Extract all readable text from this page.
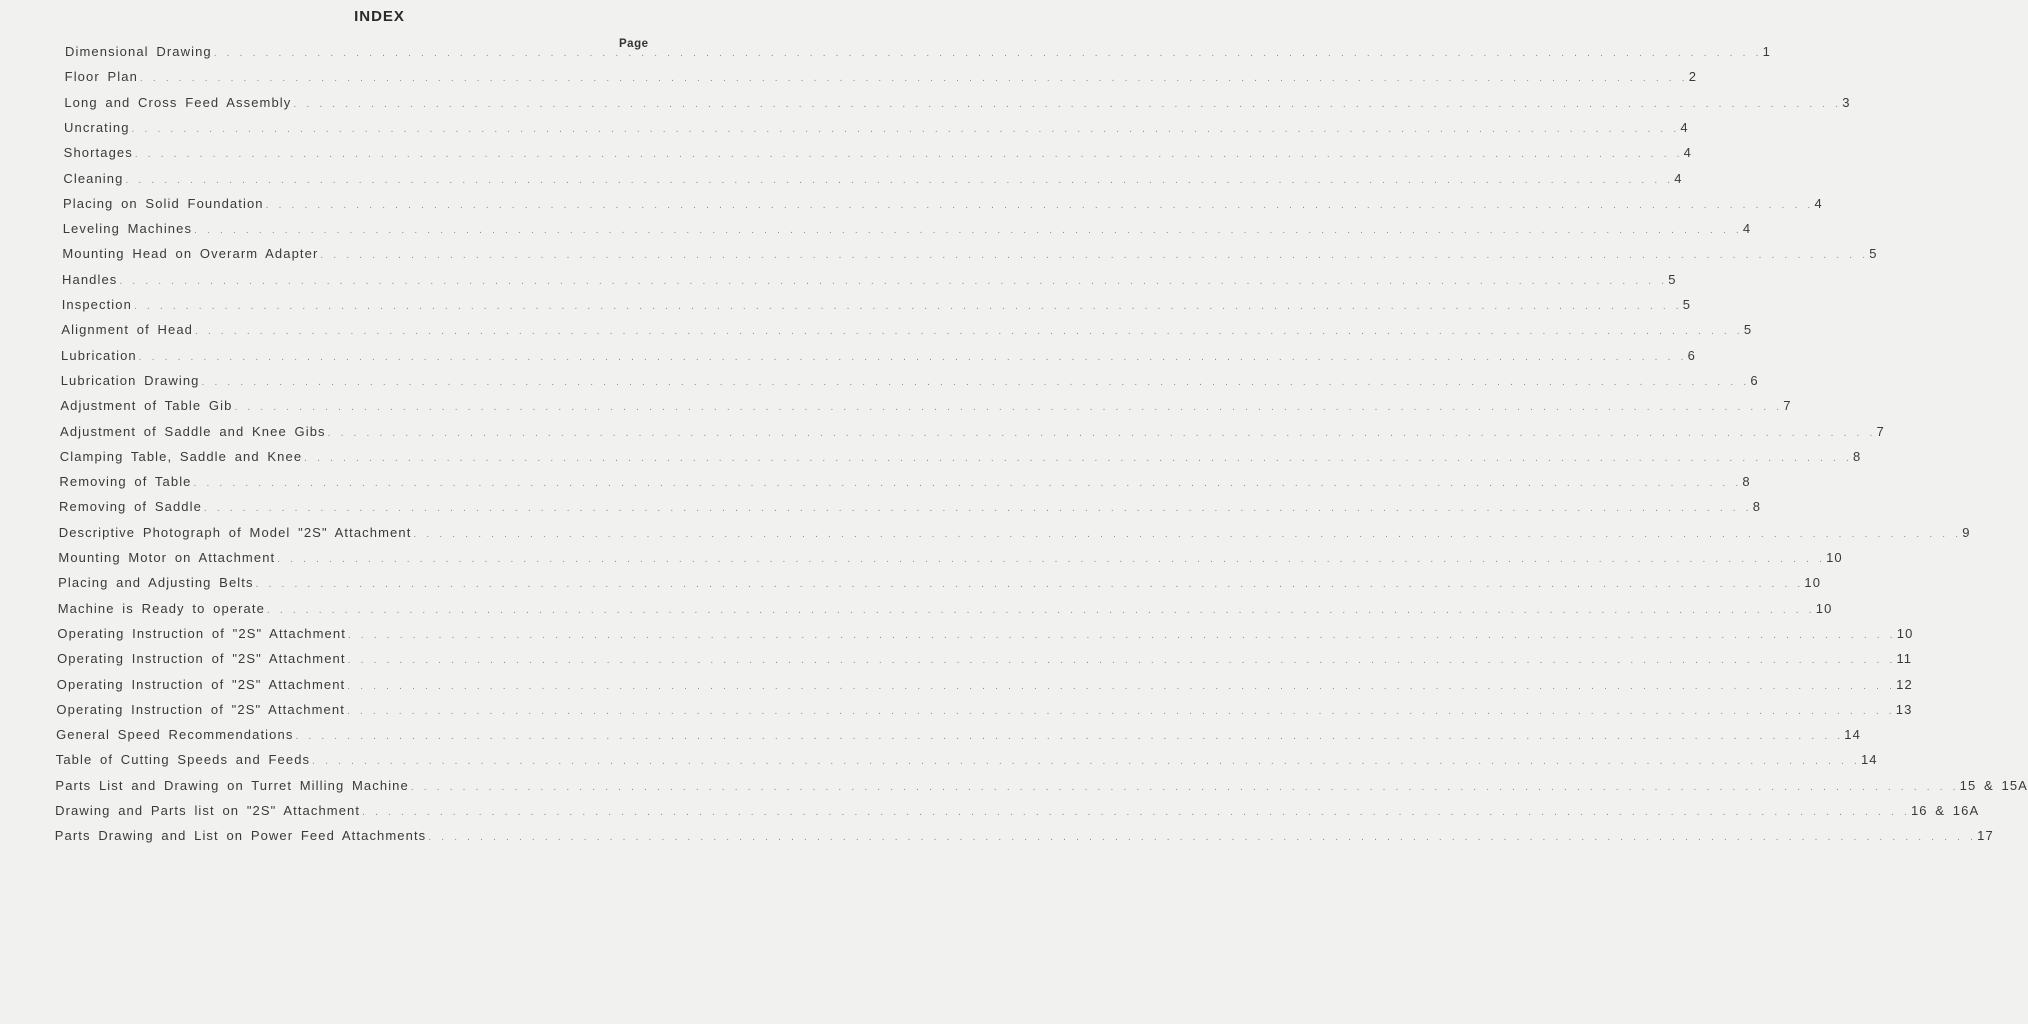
INDEX
Page
Dimensional Drawing . . . . . . . . . . . . . . . . . . . . . . . . . . . . . . . . . . . . . . . . . . . . . . . . . . . . . . . . . . . . . . . . . . . . . . . . . . . . . . . . . . . . . . . . . . . . . . . . . . . . . . . . . . . . . . . . . . . . . . . . 1
Floor Plan . . . . . . . . . . . . . . . . . . . . . . . . . . . . . . . . . . . . . . . . . . . . . . . . . . . . . . . . . . . . . . . . . . . . . . . . . . . . . . . . . . . . . . . . . . . . . . . . . . . . . . . . . . . . . . . . . . . . . . . . 2
Long and Cross Feed Assembly . . . . . . . . . . . . . . . . . . . . . . . . . . . . . . . . . . . . . . . . . . . . . . . . . . . . . . . . . . . . . . . . . . . . . . . . . . . . . . . . . . . . . . . . . . . . . . . . . . . . . . . . . . . . . . . . . . . . . . . . 3
Uncrating . . . . . . . . . . . . . . . . . . . . . . . . . . . . . . . . . . . . . . . . . . . . . . . . . . . . . . . . . . . . . . . . . . . . . . . . . . . . . . . . . . . . . . . . . . . . . . . . . . . . . . . . . . . . . . . . . . . . . . . . 4
Shortages . . . . . . . . . . . . . . . . . . . . . . . . . . . . . . . . . . . . . . . . . . . . . . . . . . . . . . . . . . . . . . . . . . . . . . . . . . . . . . . . . . . . . . . . . . . . . . . . . . . . . . . . . . . . . . . . . . . . . . . . 4
Cleaning . . . . . . . . . . . . . . . . . . . . . . . . . . . . . . . . . . . . . . . . . . . . . . . . . . . . . . . . . . . . . . . . . . . . . . . . . . . . . . . . . . . . . . . . . . . . . . . . . . . . . . . . . . . . . . . . . . . . . . . . 4
Placing on Solid Foundation . . . . . . . . . . . . . . . . . . . . . . . . . . . . . . . . . . . . . . . . . . . . . . . . . . . . . . . . . . . . . . . . . . . . . . . . . . . . . . . . . . . . . . . . . . . . . . . . . . . . . . . . . . . . . . . . . . . . . . . . 4
Leveling Machines . . . . . . . . . . . . . . . . . . . . . . . . . . . . . . . . . . . . . . . . . . . . . . . . . . . . . . . . . . . . . . . . . . . . . . . . . . . . . . . . . . . . . . . . . . . . . . . . . . . . . . . . . . . . . . . . . . . . . . . . 4
Mounting Head on Overarm Adapter . . . . . . . . . . . . . . . . . . . . . . . . . . . . . . . . . . . . . . . . . . . . . . . . . . . . . . . . . . . . . . . . . . . . . . . . . . . . . . . . . . . . . . . . . . . . . . . . . . . . . . . . . . . . . . . . . . . . . . . . 5
Handles . . . . . . . . . . . . . . . . . . . . . . . . . . . . . . . . . . . . . . . . . . . . . . . . . . . . . . . . . . . . . . . . . . . . . . . . . . . . . . . . . . . . . . . . . . . . . . . . . . . . . . . . . . . . . . . . . . . . . . . . 5
Inspection . . . . . . . . . . . . . . . . . . . . . . . . . . . . . . . . . . . . . . . . . . . . . . . . . . . . . . . . . . . . . . . . . . . . . . . . . . . . . . . . . . . . . . . . . . . . . . . . . . . . . . . . . . . . . . . . . . . . . . . . 5
Alignment of Head . . . . . . . . . . . . . . . . . . . . . . . . . . . . . . . . . . . . . . . . . . . . . . . . . . . . . . . . . . . . . . . . . . . . . . . . . . . . . . . . . . . . . . . . . . . . . . . . . . . . . . . . . . . . . . . . . . . . . . . . 5
Lubrication . . . . . . . . . . . . . . . . . . . . . . . . . . . . . . . . . . . . . . . . . . . . . . . . . . . . . . . . . . . . . . . . . . . . . . . . . . . . . . . . . . . . . . . . . . . . . . . . . . . . . . . . . . . . . . . . . . . . . . . . 6
Lubrication Drawing . . . . . . . . . . . . . . . . . . . . . . . . . . . . . . . . . . . . . . . . . . . . . . . . . . . . . . . . . . . . . . . . . . . . . . . . . . . . . . . . . . . . . . . . . . . . . . . . . . . . . . . . . . . . . . . . . . . . . . . . 6
Adjustment of Table Gib . . . . . . . . . . . . . . . . . . . . . . . . . . . . . . . . . . . . . . . . . . . . . . . . . . . . . . . . . . . . . . . . . . . . . . . . . . . . . . . . . . . . . . . . . . . . . . . . . . . . . . . . . . . . . . . . . . . . . . . . 7
Adjustment of Saddle and Knee Gibs . . . . . . . . . . . . . . . . . . . . . . . . . . . . . . . . . . . . . . . . . . . . . . . . . . . . . . . . . . . . . . . . . . . . . . . . . . . . . . . . . . . . . . . . . . . . . . . . . . . . . . . . . . . . . . . . . . . . . . . . 7
Clamping Table, Saddle and Knee . . . . . . . . . . . . . . . . . . . . . . . . . . . . . . . . . . . . . . . . . . . . . . . . . . . . . . . . . . . . . . . . . . . . . . . . . . . . . . . . . . . . . . . . . . . . . . . . . . . . . . . . . . . . . . . . . . . . . . . . 8
Removing of Table . . . . . . . . . . . . . . . . . . . . . . . . . . . . . . . . . . . . . . . . . . . . . . . . . . . . . . . . . . . . . . . . . . . . . . . . . . . . . . . . . . . . . . . . . . . . . . . . . . . . . . . . . . . . . . . . . . . . . . . . 8
Removing of Saddle . . . . . . . . . . . . . . . . . . . . . . . . . . . . . . . . . . . . . . . . . . . . . . . . . . . . . . . . . . . . . . . . . . . . . . . . . . . . . . . . . . . . . . . . . . . . . . . . . . . . . . . . . . . . . . . . . . . . . . . . 8
Descriptive Photograph of Model "2S" Attachment . . . . . . . . . . . . . . . . . . . . . . . . . . . . . . . . . . . . . . . . . . . . . . . . . . . . . . . . . . . . . . . . . . . . . . . . . . . . . . . . . . . . . . . . . . . . . . . . . . . . . . . . . . . . . . . . . . . . . . . . 9
Mounting Motor on Attachment . . . . . . . . . . . . . . . . . . . . . . . . . . . . . . . . . . . . . . . . . . . . . . . . . . . . . . . . . . . . . . . . . . . . . . . . . . . . . . . . . . . . . . . . . . . . . . . . . . . . . . . . . . . . . . . . . . . . . . . . 10
Placing and Adjusting Belts . . . . . . . . . . . . . . . . . . . . . . . . . . . . . . . . . . . . . . . . . . . . . . . . . . . . . . . . . . . . . . . . . . . . . . . . . . . . . . . . . . . . . . . . . . . . . . . . . . . . . . . . . . . . . . . . . . . . . . . . 10
Machine is Ready to operate . . . . . . . . . . . . . . . . . . . . . . . . . . . . . . . . . . . . . . . . . . . . . . . . . . . . . . . . . . . . . . . . . . . . . . . . . . . . . . . . . . . . . . . . . . . . . . . . . . . . . . . . . . . . . . . . . . . . . . . . 10
Operating Instruction of "2S" Attachment . . . . . . . . . . . . . . . . . . . . . . . . . . . . . . . . . . . . . . . . . . . . . . . . . . . . . . . . . . . . . . . . . . . . . . . . . . . . . . . . . . . . . . . . . . . . . . . . . . . . . . . . . . . . . . . . . . . . . . . . 10
Operating Instruction of "2S" Attachment . . . . . . . . . . . . . . . . . . . . . . . . . . . . . . . . . . . . . . . . . . . . . . . . . . . . . . . . . . . . . . . . . . . . . . . . . . . . . . . . . . . . . . . . . . . . . . . . . . . . . . . . . . . . . . . . . . . . . . . . 11
Operating Instruction of "2S" Attachment . . . . . . . . . . . . . . . . . . . . . . . . . . . . . . . . . . . . . . . . . . . . . . . . . . . . . . . . . . . . . . . . . . . . . . . . . . . . . . . . . . . . . . . . . . . . . . . . . . . . . . . . . . . . . . . . . . . . . . . . 12
Operating Instruction of "2S" Attachment . . . . . . . . . . . . . . . . . . . . . . . . . . . . . . . . . . . . . . . . . . . . . . . . . . . . . . . . . . . . . . . . . . . . . . . . . . . . . . . . . . . . . . . . . . . . . . . . . . . . . . . . . . . . . . . . . . . . . . . . 13
General Speed Recommendations . . . . . . . . . . . . . . . . . . . . . . . . . . . . . . . . . . . . . . . . . . . . . . . . . . . . . . . . . . . . . . . . . . . . . . . . . . . . . . . . . . . . . . . . . . . . . . . . . . . . . . . . . . . . . . . . . . . . . . . . 14
Table of Cutting Speeds and Feeds . . . . . . . . . . . . . . . . . . . . . . . . . . . . . . . . . . . . . . . . . . . . . . . . . . . . . . . . . . . . . . . . . . . . . . . . . . . . . . . . . . . . . . . . . . . . . . . . . . . . . . . . . . . . . . . . . . . . . . . . 14
Parts List and Drawing on Turret Milling Machine . . . . . . . . . . . . . . . . . . . . . . . . . . . . . . . . . . . . . . . . . . . . . . . . . . . . . . . . . . . . . . . . . . . . . . . . . . . . . . . . . . . . . . . . . . . . . . . . . . . . . . . . . . . . . . . . . . . . . . . . 15 & 15A
Drawing and Parts list on "2S" Attachment . . . . . . . . . . . . . . . . . . . . . . . . . . . . . . . . . . . . . . . . . . . . . . . . . . . . . . . . . . . . . . . . . . . . . . . . . . . . . . . . . . . . . . . . . . . . . . . . . . . . . . . . . . . . . . . . . . . . . . . . 16 & 16A
Parts Drawing and List on Power Feed Attachments . . . . . . . . . . . . . . . . . . . . . . . . . . . . . . . . . . . . . . . . . . . . . . . . . . . . . . . . . . . . . . . . . . . . . . . . . . . . . . . . . . . . . . . . . . . . . . . . . . . . . . . . . . . . . . . . . . . . . . . . 17
